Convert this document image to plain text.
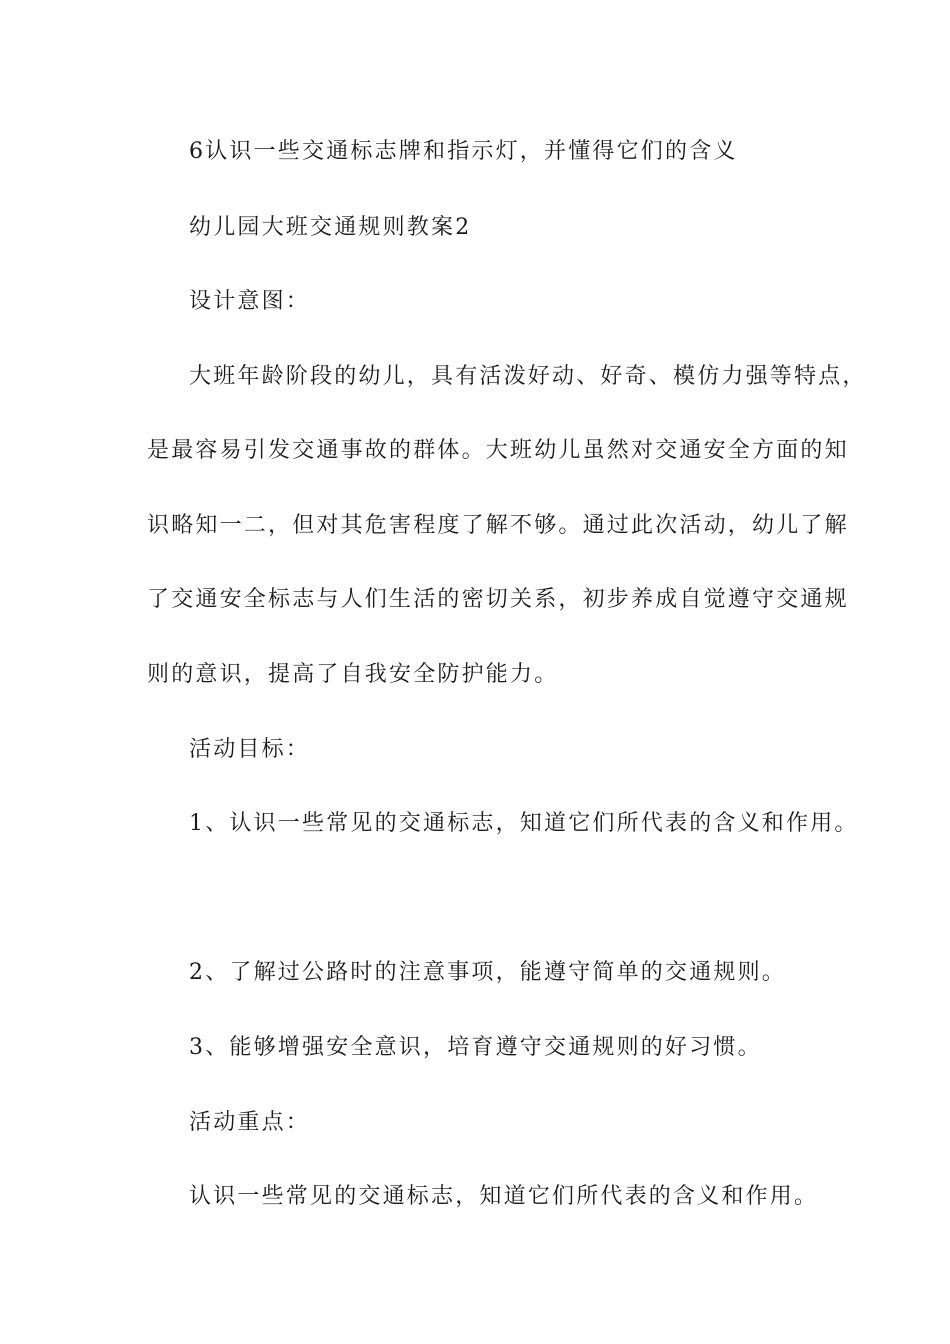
6认识一些交通标志牌和指示灯，并懂得它们的含义
幼儿园大班交通规则教案2
设计意图：
大班年龄阶段的幼儿，具有活泼好动、好奇、模仿力强等特点，
是最容易引发交通事故的群体。大班幼儿虽然对交通安全方面的知
识略知一二，但对其危害程度了解不够。通过此次活动，幼儿了解
了交通安全标志与人们生活的密切关系，初步养成自觉遵守交通规
则的意识，提高了自我安全防护能力。
活动目标：
1、认识一些常见的交通标志，知道它们所代表的含义和作用。
2、了解过公路时的注意事项，能遵守简单的交通规则。
3、能够增强安全意识，培育遵守交通规则的好习惯。
活动重点：
认识一些常见的交通标志，知道它们所代表的含义和作用。
